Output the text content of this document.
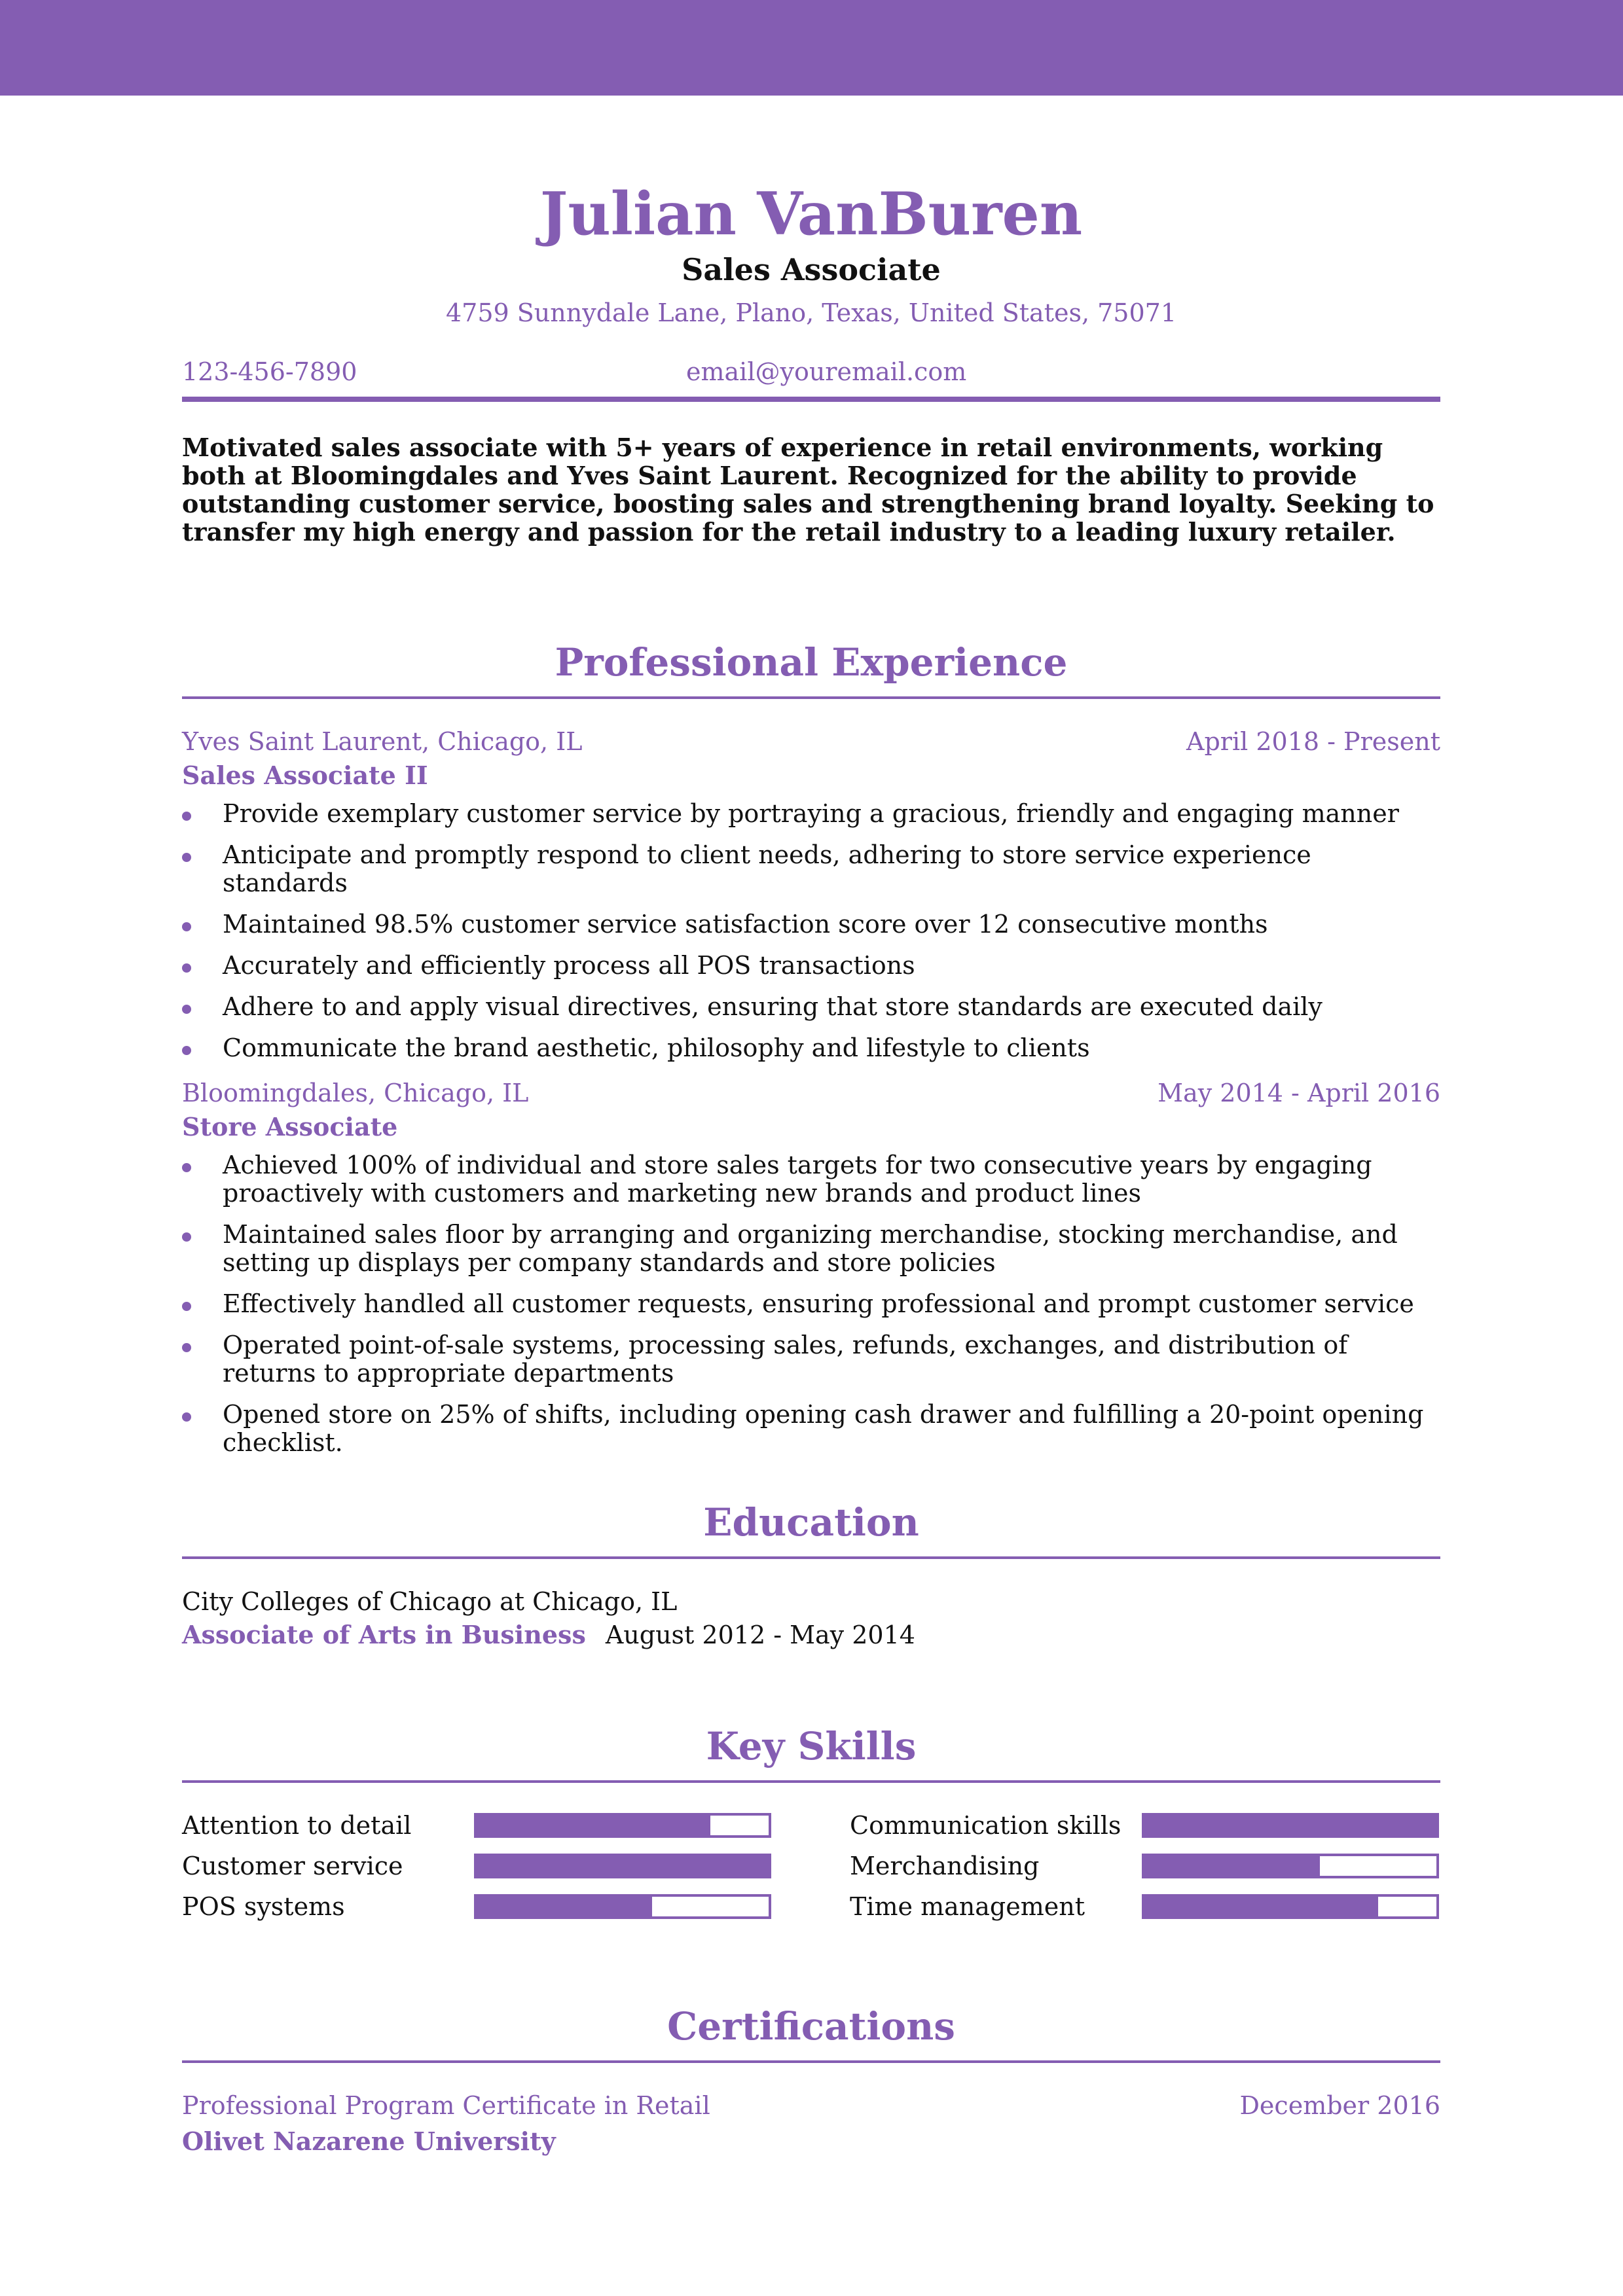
Julian VanBuren
Sales Associate
4759 Sunnydale Lane, Plano, Texas, United States, 75071
123-456-7890	email@youremail.com
Motivated sales associate with 5+ years of experience in retail environments, working both at Bloomingdales and Yves Saint Laurent. Recognized for the ability to provide outstanding customer service, boosting sales and strengthening brand loyalty. Seeking to transfer my high energy and passion for the retail industry to a leading luxury retailer.
Professional Experience
Yves Saint Laurent, Chicago, IL	April 2018 - Present
Sales Associate II
Provide exemplary customer service by portraying a gracious, friendly and engaging manner
Anticipate and promptly respond to client needs, adhering to store service experience standards
Maintained 98.5% customer service satisfaction score over 12 consecutive months
Accurately and efficiently process all POS transactions
Adhere to and apply visual directives, ensuring that store standards are executed daily
Communicate the brand aesthetic, philosophy and lifestyle to clients
Bloomingdales, Chicago, IL	May 2014 - April 2016
Store Associate
Achieved 100% of individual and store sales targets for two consecutive years by engaging proactively with customers and marketing new brands and product lines
Maintained sales floor by arranging and organizing merchandise, stocking merchandise, and setting up displays per company standards and store policies
Effectively handled all customer requests, ensuring professional and prompt customer service
Operated point-of-sale systems, processing sales, refunds, exchanges, and distribution of returns to appropriate departments
Opened store on 25% of shifts, including opening cash drawer and fulfilling a 20-point opening checklist.
Education
City Colleges of Chicago at Chicago, IL
Associate of Arts in Business August 2012 - May 2014
Key Skills
Attention to detail
Customer service
POS systems
Communication skills
Merchandising
Time management
Certifications
Professional Program Certificate in Retail	December 2016
Olivet Nazarene University
